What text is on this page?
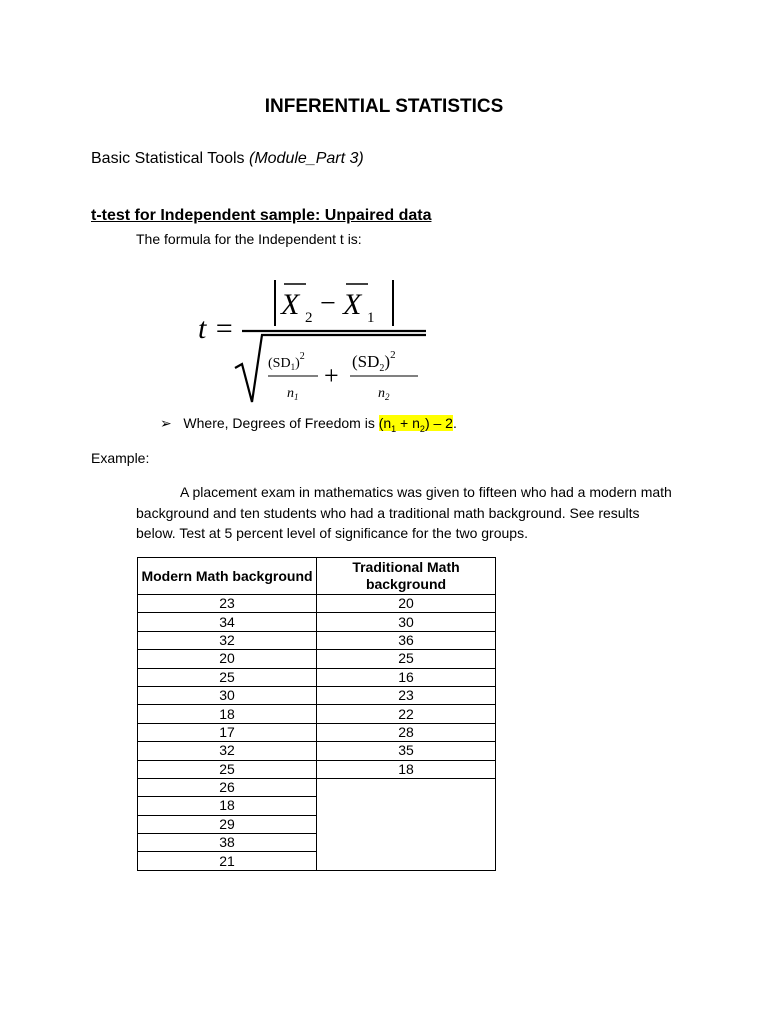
INFERENTIAL STATISTICS
Basic Statistical Tools (Module_Part 3)
t-test for Independent sample: Unpaired data
The formula for the Independent t is:
t =
X 2 − X 1
$(SD_1)^2$
$n_1$
+ $(SD_2)^2$
$n_2$
➢ Where, Degrees of Freedom is $(n_1 + n_2) - 2$.
Example:
A placement exam in mathematics was given to fifteen who had a modern math background and ten students who had a traditional math background. See results below. Test at 5 percent level of significance for the two groups.
Modern Math background	Traditional Math background
23	20
34	30
32	36
20	25
25	16
30	23
18	22
17	28
32	35
25	18
26	
18	
29	
38	
21	
